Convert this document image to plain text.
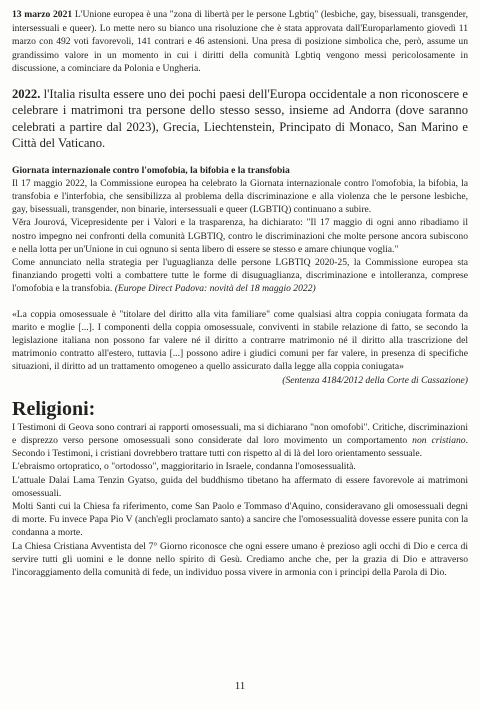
13 marzo 2021 L'Unione europea è una "zona di libertà per le persone Lgbtiq" (lesbiche, gay, bisessuali, transgender, intersessuali e queer). Lo mette nero su bianco una risoluzione che è stata approvata dall'Europarlamento giovedì 11 marzo con 492 voti favorevoli, 141 contrari e 46 astensioni. Una presa di posizione simbolica che, però, assume un grandissimo valore in un momento in cui i diritti della comunità Lgbtiq vengono messi pericolosamente in discussione, a cominciare da Polonia e Ungheria.

2022. l'Italia risulta essere uno dei pochi paesi dell'Europa occidentale a non riconoscere e celebrare i matrimoni tra persone dello stesso sesso, insieme ad Andorra (dove saranno celebrati a partire dal 2023), Grecia, Liechtenstein, Principato di Monaco, San Marino e Città del Vaticano.

Giornata internazionale contro l'omofobia, la bifobia e la transfobia
Il 17 maggio 2022, la Commissione europea ha celebrato la Giornata internazionale contro l'omofobia, la bifobia, la transfobia e l'interfobia, che sensibilizza al problema della discriminazione e alla violenza che le persone lesbiche, gay, bisessuali, transgender, non binarie, intersessuali e queer (LGBTIQ) continuano a subire.
Věra Jourová, Vicepresidente per i Valori e la trasparenza, ha dichiarato: "Il 17 maggio di ogni anno ribadiamo il nostro impegno nei confronti della comunità LGBTIQ, contro le discriminazioni che molte persone ancora subiscono e nella lotta per un'Unione in cui ognuno si senta libero di essere se stesso e amare chiunque voglia."
Come annunciato nella strategia per l'uguaglianza delle persone LGBTIQ 2020-25, la Commissione europea sta finanziando progetti volti a combattere tutte le forme di disuguaglianza, discriminazione e intolleranza, comprese l'omofobia e la transfobia. (Europe Direct Padova: novità del 18 maggio 2022)
«La coppia omosessuale è "titolare del diritto alla vita familiare" come qualsiasi altra coppia coniugata formata da marito e moglie [...]. I componenti della coppia omosessuale, conviventi in stabile relazione di fatto, se secondo la legislazione italiana non possono far valere né il diritto a contrarre matrimonio né il diritto alla trascrizione del matrimonio contratto all'estero, tuttavia [...] possono adire i giudici comuni per far valere, in presenza di specifiche situazioni, il diritto ad un trattamento omogeneo a quello assicurato dalla legge alla coppia coniugata»
(Sentenza 4184/2012 della Corte di Cassazione)
Religioni:
I Testimoni di Geova sono contrari ai rapporti omosessuali, ma si dichiarano "non omofobi". Critiche, discriminazioni e disprezzo verso persone omosessuali sono considerate dal loro movimento un comportamento non cristiano. Secondo i Testimoni, i cristiani dovrebbero trattare tutti con rispetto al di là del loro orientamento sessuale.
L'ebraismo ortopratico, o "ortodosso", maggioritario in Israele, condanna l'omosessualità.
L'attuale Dalai Lama Tenzin Gyatso, guida del buddhismo tibetano ha affermato di essere favorevole ai matrimoni omosessuali.
Molti Santi cui la Chiesa fa riferimento, come San Paolo e Tommaso d'Aquino, consideravano gli omosessuali degni di morte. Fu invece Papa Pio V (anch'egli proclamato santo) a sancire che l'omosessualità dovesse essere punita con la condanna a morte.
La Chiesa Cristiana Avventista del 7° Giorno riconosce che ogni essere umano è prezioso agli occhi di Dio e cerca di servire tutti gli uomini e le donne nello spirito di Gesù. Crediamo anche che, per la grazia di Dio e attraverso l'incoraggiamento della comunità di fede, un individuo possa vivere in armonia con i principi della Parola di Dio.
11
